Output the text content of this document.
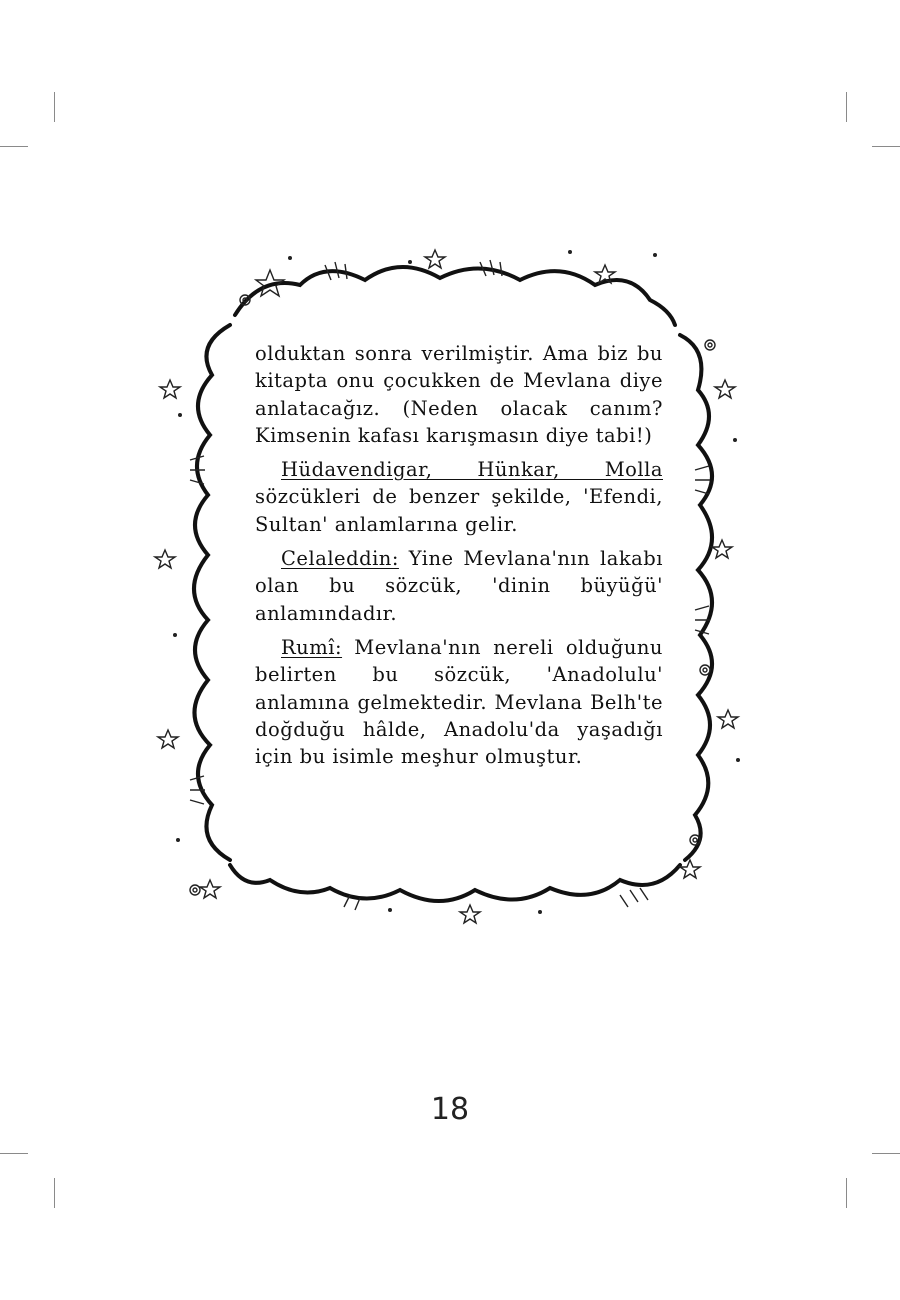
olduktan sonra verilmiştir. Ama biz bu kitapta onu çocukken de Mevlana diye anlatacağız. (Neden olacak canım? Kimsenin kafası karışmasın diye tabi!)

Hüdavendigar, Hünkar, Molla sözcükleri de benzer şekilde, 'Efendi, Sultan' anlamlarına gelir.

Celaleddin: Yine Mevlana'nın lakabı olan bu sözcük, 'dinin büyüğü' anlamındadır.

Rumî: Mevlana'nın nereli olduğunu belirten bu sözcük, 'Anadolulu' anlamına gelmektedir. Mevlana Belh'te doğduğu hâlde, Anadolu'da yaşadığı için bu isimle meşhur olmuştur.

18
